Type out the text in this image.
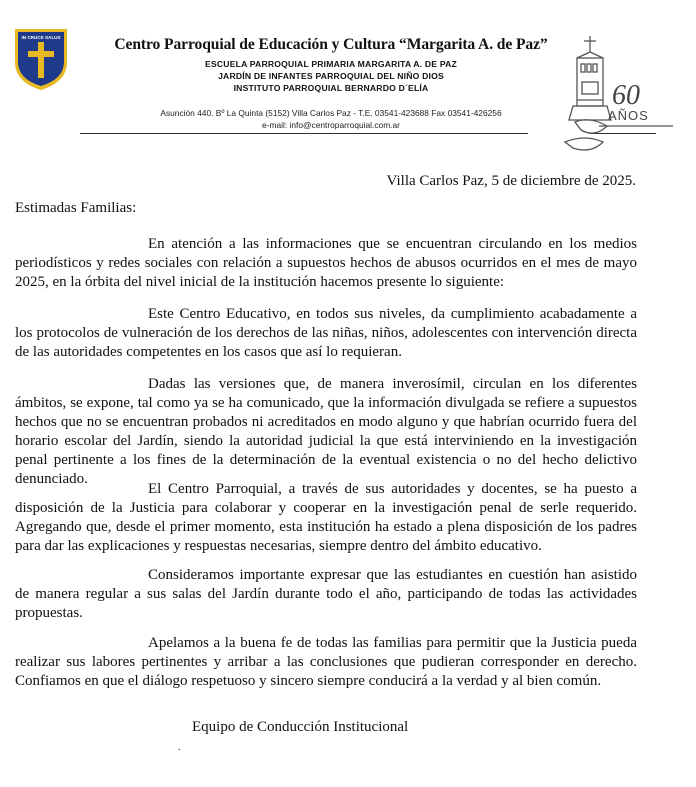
IN CRUCE SALUS	Centro Parroquial de Educación y Cultura “Margarita A. de Paz”
ESCUELA PARROQUIAL PRIMARIA MARGARITA A. DE PAZ
JARDÍN DE INFANTES PARROQUIAL DEL NIÑO DIOS
INSTITUTO PARROQUIAL BERNARDO D´ELÍA
Asunción 440. Bº La Quinta (5152) Villa Carlos Paz - T.E. 03541-423688 Fax 03541-426256
e-mail: info@centroparroquial.com.ar
60
AÑOS
Villa Carlos Paz, 5 de diciembre de 2025.
Estimadas Familias:

En atención a las informaciones que se encuentran circulando en los medios periodísticos y redes sociales con relación a supuestos hechos de abusos ocurridos en el mes de mayo 2025, en la órbita del nivel inicial de la institución hacemos presente lo siguiente:

Este Centro Educativo, en todos sus niveles, da cumplimiento acabadamente a los protocolos de vulneración de los derechos de las niñas, niños, adolescentes con intervención directa de las autoridades competentes en los casos que así lo requieran.

Dadas las versiones que, de manera inverosímil, circulan en los diferentes ámbitos, se expone, tal como ya se ha comunicado, que la información divulgada se refiere a supuestos hechos que no se encuentran probados ni acreditados en modo alguno y que habrían ocurrido fuera del horario escolar del Jardín, siendo la autoridad judicial la que está interviniendo en la investigación penal pertinente a los fines de la determinación de la eventual existencia o no del hecho delictivo denunciado.

El Centro Parroquial, a través de sus autoridades y docentes, se ha puesto a disposición de la Justicia para colaborar y cooperar en la investigación penal de serle requerido. Agregando que, desde el primer momento, esta institución ha estado a plena disposición de los padres para dar las explicaciones y respuestas necesarias, siempre dentro del ámbito educativo.

Consideramos importante expresar que las estudiantes en cuestión han asistido de manera regular a sus salas del Jardín durante todo el año, participando de todas las actividades propuestas.

Apelamos a la buena fe de todas las familias para permitir que la Justicia pueda realizar sus labores pertinentes y arribar a las conclusiones que pudieran corresponder en derecho. Confiamos en que el diálogo respetuoso y sincero siempre conducirá a la verdad y al bien común.

Equipo de Conducción Institucional
.
